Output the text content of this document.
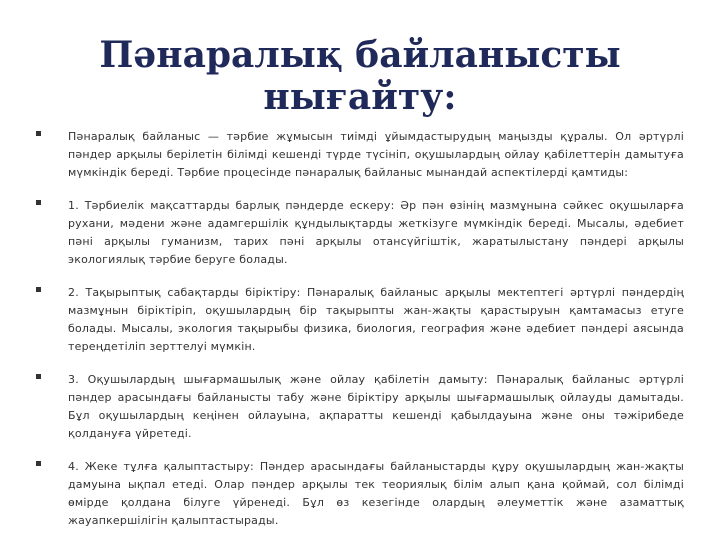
Пәнаралық байланысты нығайту:
Пәнаралық байланыс — тәрбие жұмысын тиімді ұйымдастырудың маңызды құралы. Ол әртүрлі пәндер арқылы берілетін білімді кешенді түрде түсініп, оқушылардың ойлау қабілеттерін дамытуға мүмкіндік береді. Тәрбие процесінде пәнаралық байланыс мынандай аспектілерді қамтиды:
1. Тәрбиелік мақсаттарды барлық пәндерде ескеру: Әр пән өзінің мазмұнына сәйкес оқушыларға рухани, мәдени және адамгершілік құндылықтарды жеткізуге мүмкіндік береді. Мысалы, әдебиет пәні арқылы гуманизм, тарих пәні арқылы отансүйгіштік, жаратылыстану пәндері арқылы экологиялық тәрбие беруге болады.
2. Тақырыптық сабақтарды біріктіру: Пәнаралық байланыс арқылы мектептегі әртүрлі пәндердің мазмұнын біріктіріп, оқушылардың бір тақырыпты жан-жақты қарастыруын қамтамасыз етуге болады. Мысалы, экология тақырыбы физика, биология, география және әдебиет пәндері аясында тереңдетіліп зерттелуі мүмкін.
3. Оқушылардың шығармашылық және ойлау қабілетін дамыту: Пәнаралық байланыс әртүрлі пәндер арасындағы байланысты табу және біріктіру арқылы шығармашылық ойлауды дамытады. Бұл оқушылардың кеңінен ойлауына, ақпаратты кешенді қабылдауына және оны тәжірибеде қолдануға үйретеді.
4. Жеке тұлға қалыптастыру: Пәндер арасындағы байланыстарды құру оқушылардың жан-жақты дамуына ықпал етеді. Олар пәндер арқылы тек теориялық білім алып қана қоймай, сол білімді өмірде қолдана білуге үйренеді. Бұл өз кезегінде олардың әлеуметтік және азаматтық жауапкершілігін қалыптастырады.
